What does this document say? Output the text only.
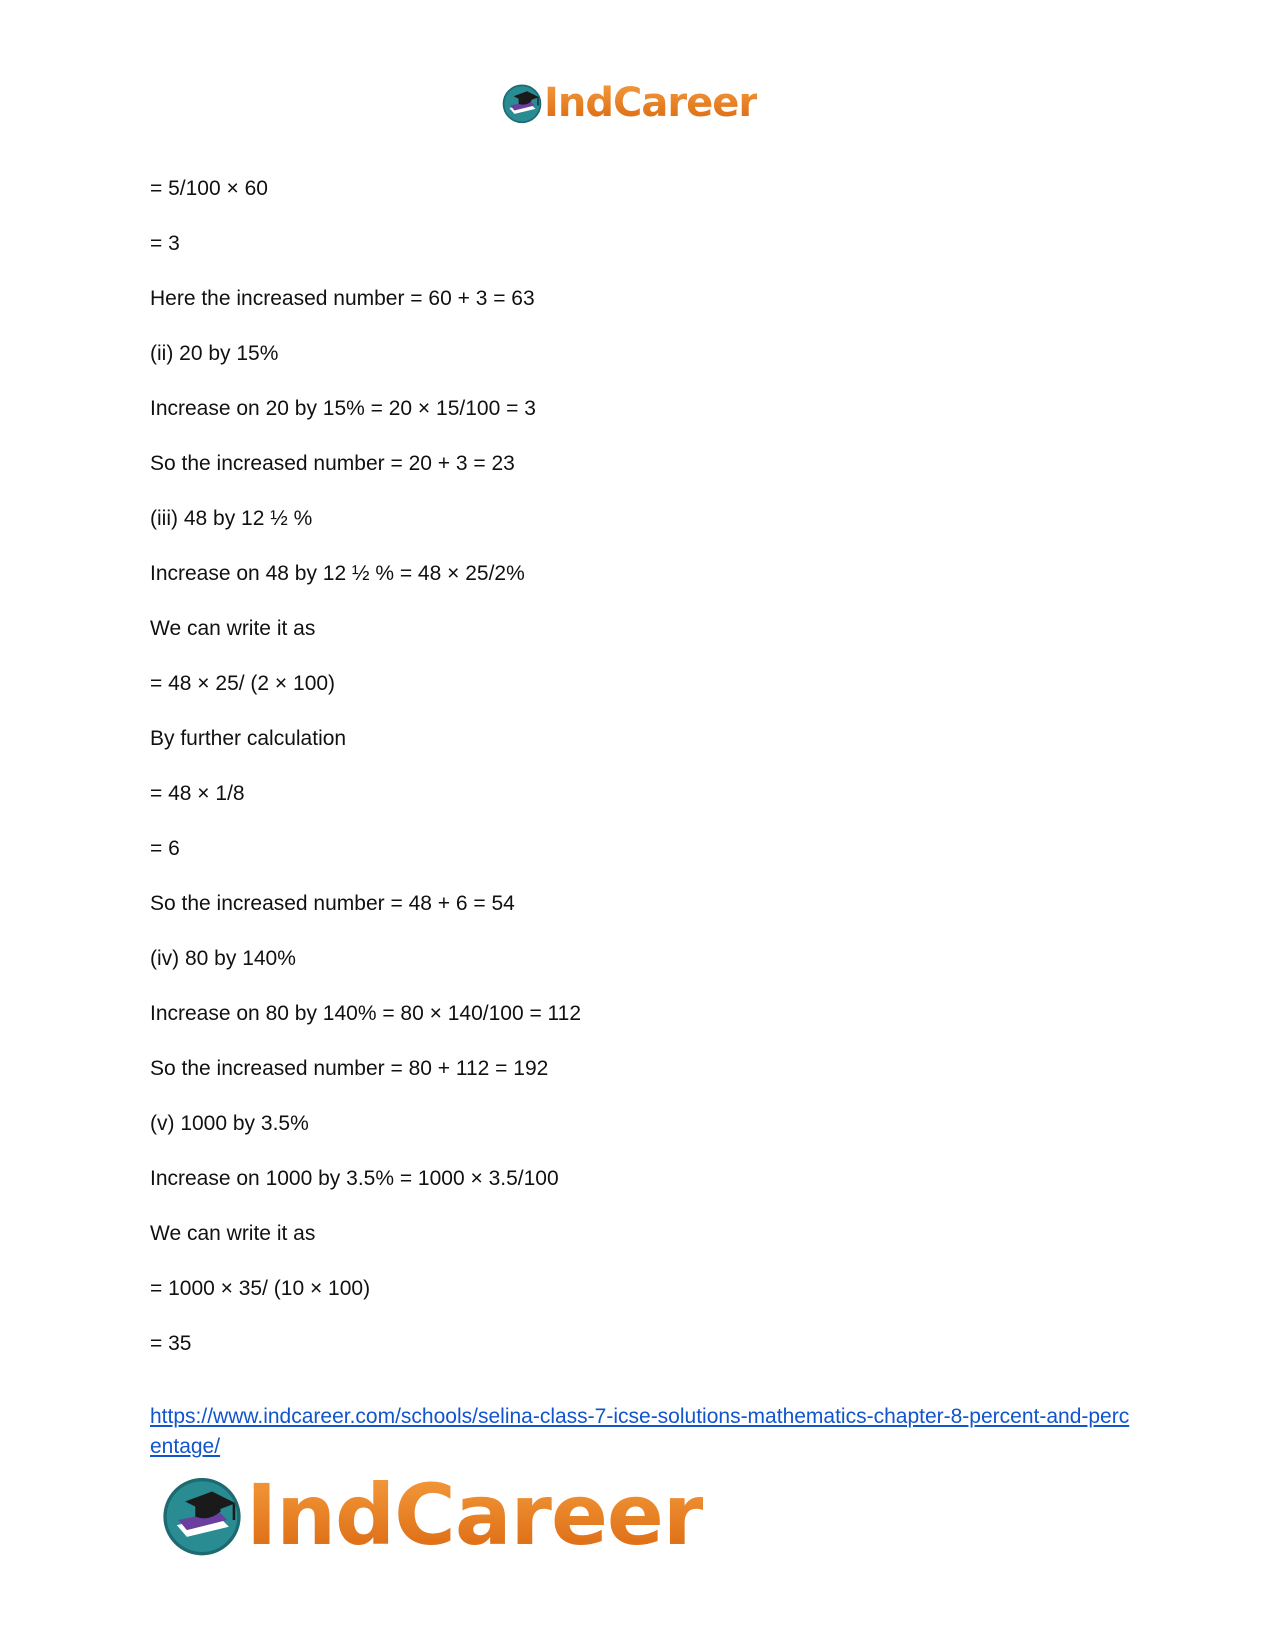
IndCareer
= 5/100 × 60
= 3
Here the increased number = 60 + 3 = 63
(ii) 20 by 15%
Increase on 20 by 15% = 20 × 15/100 = 3
So the increased number = 20 + 3 = 23
(iii) 48 by 12 ½ %
Increase on 48 by 12 ½ % = 48 × 25/2%
We can write it as
= 48 × 25/ (2 × 100)
By further calculation
= 48 × 1/8
= 6
So the increased number = 48 + 6 = 54
(iv) 80 by 140%
Increase on 80 by 140% = 80 × 140/100 = 112
So the increased number = 80 + 112 = 192
(v) 1000 by 3.5%
Increase on 1000 by 3.5% = 1000 × 3.5/100
We can write it as
= 1000 × 35/ (10 × 100)
= 35
https://www.indcareer.com/schools/selina-class-7-icse-solutions-mathematics-chapter-8-percent-and-percentage/
IndCareer
